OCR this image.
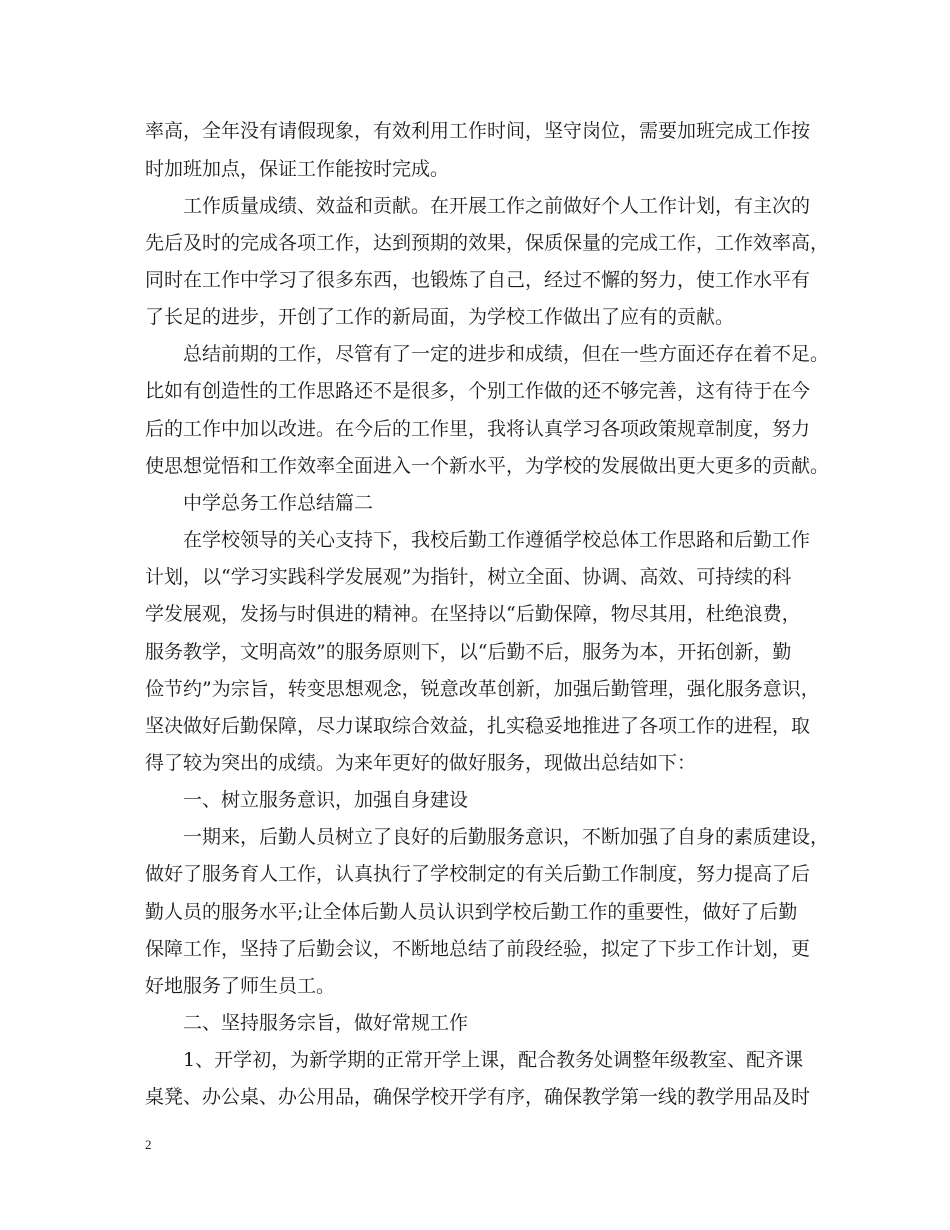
率高，全年没有请假现象，有效利用工作时间，坚守岗位，需要加班完成工作按
时加班加点，保证工作能按时完成。
工作质量成绩、效益和贡献。在开展工作之前做好个人工作计划，有主次的
先后及时的完成各项工作，达到预期的效果，保质保量的完成工作，工作效率高，
同时在工作中学习了很多东西，也锻炼了自己，经过不懈的努力，使工作水平有
了长足的进步，开创了工作的新局面，为学校工作做出了应有的贡献。
总结前期的工作，尽管有了一定的进步和成绩，但在一些方面还存在着不足。
比如有创造性的工作思路还不是很多，个别工作做的还不够完善，这有待于在今
后的工作中加以改进。在今后的工作里，我将认真学习各项政策规章制度，努力
使思想觉悟和工作效率全面进入一个新水平，为学校的发展做出更大更多的贡献。
中学总务工作总结篇二
在学校领导的关心支持下，我校后勤工作遵循学校总体工作思路和后勤工作
计划，以“学习实践科学发展观”为指针，树立全面、协调、高效、可持续的科
学发展观，发扬与时俱进的精神。在坚持以“后勤保障，物尽其用，杜绝浪费，
服务教学，文明高效”的服务原则下，以“后勤不后，服务为本，开拓创新，勤
俭节约”为宗旨，转变思想观念，锐意改革创新，加强后勤管理，强化服务意识，
坚决做好后勤保障，尽力谋取综合效益，扎实稳妥地推进了各项工作的进程，取
得了较为突出的成绩。为来年更好的做好服务，现做出总结如下：
一、树立服务意识，加强自身建设
一期来，后勤人员树立了良好的后勤服务意识，不断加强了自身的素质建设，
做好了服务育人工作，认真执行了学校制定的有关后勤工作制度，努力提高了后
勤人员的服务水平;让全体后勤人员认识到学校后勤工作的重要性，做好了后勤
保障工作，坚持了后勤会议，不断地总结了前段经验，拟定了下步工作计划，更
好地服务了师生员工。
二、坚持服务宗旨，做好常规工作
1、开学初，为新学期的正常开学上课，配合教务处调整年级教室、配齐课
桌凳、办公桌、办公用品，确保学校开学有序，确保教学第一线的教学用品及时
2
